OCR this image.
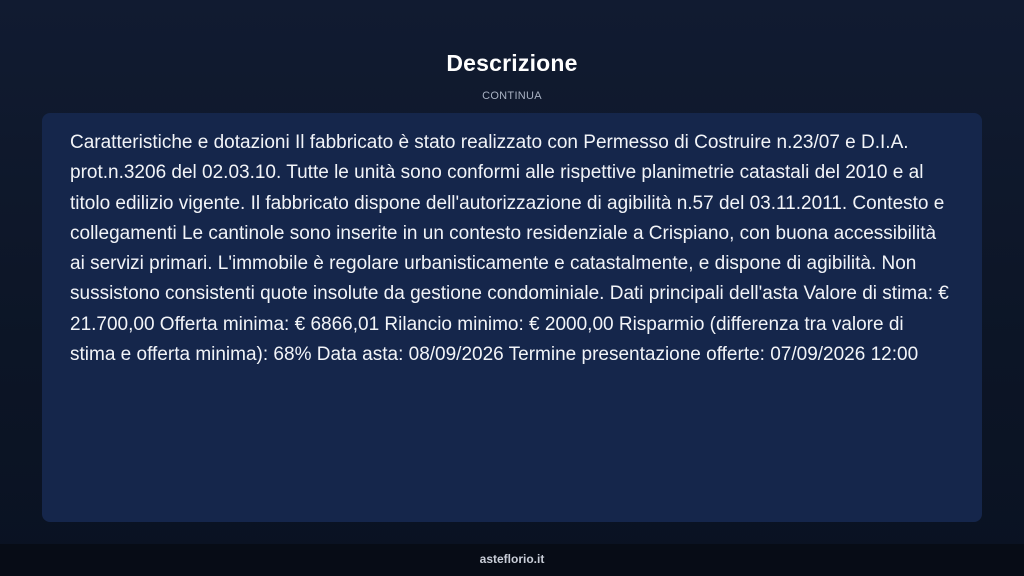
Descrizione
CONTINUA

Caratteristiche e dotazioni Il fabbricato è stato realizzato con Permesso di Costruire n.23/07 e D.I.A. prot.n.3206 del 02.03.10. Tutte le unità sono conformi alle rispettive planimetrie catastali del 2010 e al titolo edilizio vigente. Il fabbricato dispone dell'autorizzazione di agibilità n.57 del 03.11.2011. Contesto e collegamenti Le cantinole sono inserite in un contesto residenziale a Crispiano, con buona accessibilità ai servizi primari. L'immobile è regolare urbanisticamente e catastalmente, e dispone di agibilità. Non sussistono consistenti quote insolute da gestione condominiale. Dati principali dell'asta Valore di stima: € 21.700,00 Offerta minima: € 6866,01 Rilancio minimo: € 2000,00 Risparmio (differenza tra valore di stima e offerta minima): 68% Data asta: 08/09/2026 Termine presentazione offerte: 07/09/2026 12:00

asteflorio.it
